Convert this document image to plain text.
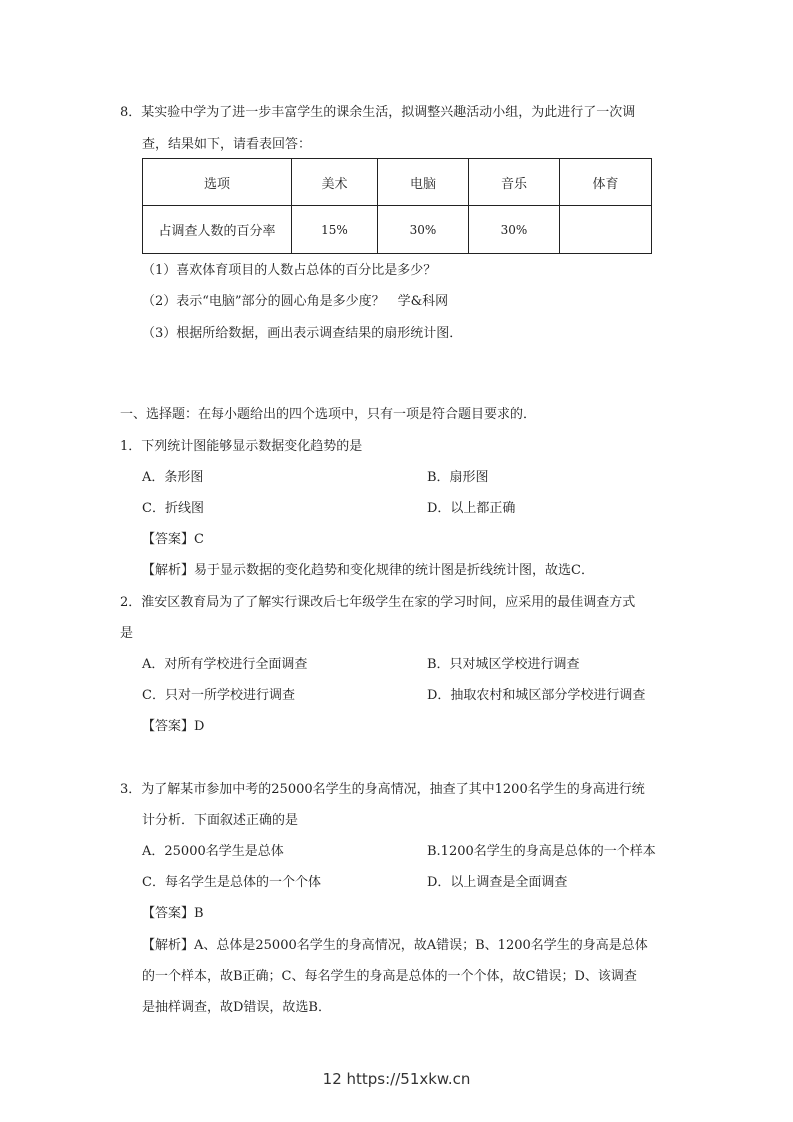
8．某实验中学为了进一步丰富学生的课余生活，拟调整兴趣活动小组，为此进行了一次调
查，结果如下，请看表回答：
选项	美术	电脑	音乐	体育
占调查人数的百分率	15%	30%	30%	
（1）喜欢体育项目的人数占总体的百分比是多少？
（2）表示“电脑”部分的圆心角是多少度？　学&科网
（3）根据所给数据，画出表示调查结果的扇形统计图．
一、选择题：在每小题给出的四个选项中，只有一项是符合题目要求的．
1．下列统计图能够显示数据变化趋势的是
A．条形图	B．扇形图
C．折线图	D．以上都正确
【答案】C
【解析】易于显示数据的变化趋势和变化规律的统计图是折线统计图，故选C．
2．淮安区教育局为了了解实行课改后七年级学生在家的学习时间，应采用的最佳调查方式
是
A．对所有学校进行全面调查	B．只对城区学校进行调查
C．只对一所学校进行调查	D．抽取农村和城区部分学校进行调查
【答案】D
3．为了解某市参加中考的25000名学生的身高情况，抽查了其中1200名学生的身高进行统
计分析．下面叙述正确的是
A．25000名学生是总体	B.1200名学生的身高是总体的一个样本
C．每名学生是总体的一个个体	D．以上调查是全面调查
【答案】B
【解析】A、总体是25000名学生的身高情况，故A错误；B、1200名学生的身高是总体
的一个样本，故B正确；C、每名学生的身高是总体的一个个体，故C错误；D、该调查
是抽样调查，故D错误，故选B．
12 https://51xkw.cn
